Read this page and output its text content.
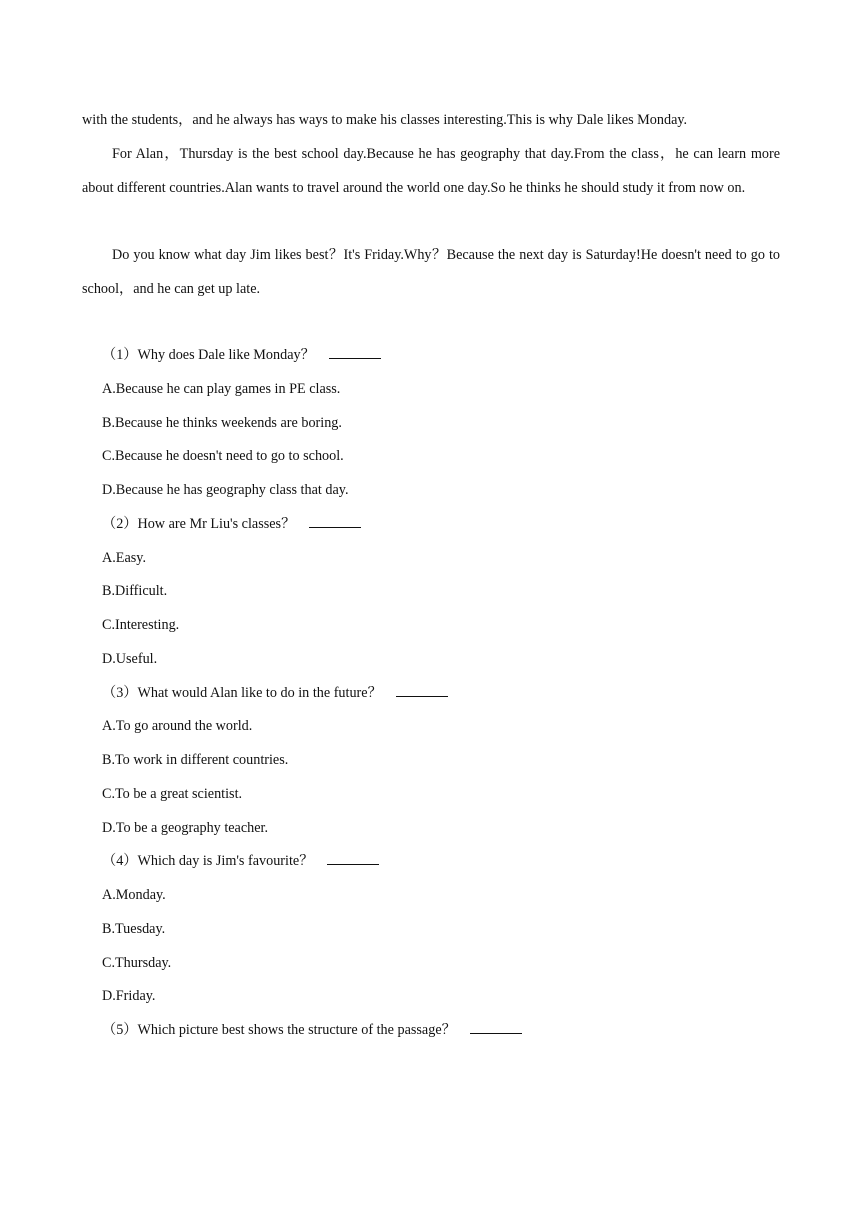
with the students，and he always has ways to make his classes interesting.This is why Dale likes Monday.

For Alan，Thursday is the best school day.Because he has geography that day.From the class，he can learn more about different countries.Alan wants to travel around the world one day.So he thinks he should study it from now on.

Do you know what day Jim likes best？It's Friday.Why？Because the next day is Saturday!He doesn't need to go to school，and he can get up late.

（1）Why does Dale like Monday？
A.Because he can play games in PE class.
B.Because he thinks weekends are boring.
C.Because he doesn't need to go to school.
D.Because he has geography class that day.
（2）How are Mr Liu's classes？
A.Easy.
B.Difficult.
C.Interesting.
D.Useful.
（3）What would Alan like to do in the future？
A.To go around the world.
B.To work in different countries.
C.To be a great scientist.
D.To be a geography teacher.
（4）Which day is Jim's favourite？
A.Monday.
B.Tuesday.
C.Thursday.
D.Friday.
（5）Which picture best shows the structure of the passage？
